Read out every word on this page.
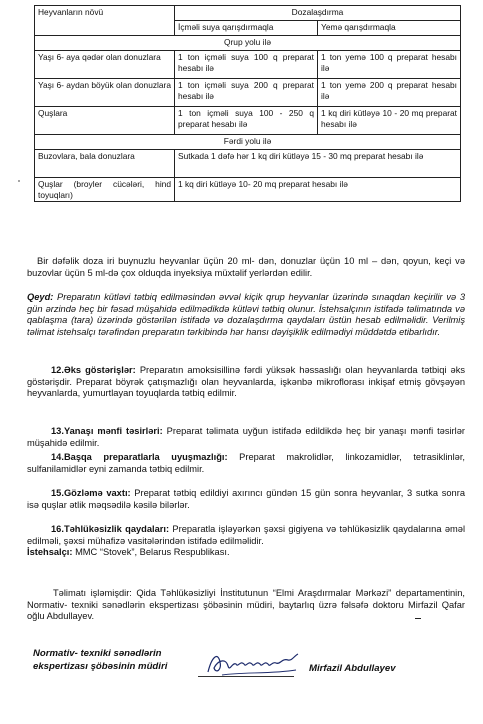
Heyvanların növü	Dozalaşdırma	
	İçməli suya qarışdırmaqla	Yemə qarışdırmaqla
Qrup yolu ilə		
Yaşı 6- aya qədər olan donuzlara	1 ton içməli suya 100 q preparat hesabı ilə	1 ton yemə 100 q preparat hesabı ilə
Yaşı 6- aydan böyük olan donuzlara	1 ton içməli suya 200 q preparat hesabı ilə	1 ton yemə 200 q preparat hesabı ilə
Quşlara	1 ton içməli suya 100 - 250 q preparat hesabı ilə	1 kq diri kütləyə 10 - 20 mq preparat hesabı ilə
Fərdi yolu ilə		
Buzovlara, bala donuzlara	Sutkada 1 dəfə hər 1 kq diri kütləyə 15 - 30 mq preparat hesabı ilə	
Quşlar (broyler cücələri, hind toyuqları)	1 kq diri kütləyə 10- 20 mq preparat hesabı ilə	

Bir dəfəlik doza iri buynuzlu heyvanlar üçün 20 ml- dən, donuzlar üçün 10 ml – dən, qoyun, keçi və buzovlar üçün 5 ml-də çox olduqda inyeksiya müxtəlif yerlərdən edilir.

Qeyd: Preparatın kütləvi tətbiq edilməsindən əvvəl kiçik qrup heyvanlar üzərində sınaqdan keçirilir və 3 gün ərzində heç bir fəsad müşahidə edilmədikdə kütləvi tətbiq olunur. İstehsalçının istifadə təlimatında və qablaşma (tara) üzərində göstərilən istifadə və dozalaşdırma qaydaları üstün hesab edilməlidir. Verilmiş təlimat istehsalçı tərəfindən preparatın tərkibində hər hansı dəyişiklik edilmədiyi müddətdə etibarlıdır.

12.Əks göstərişlər: Preparatın amoksisillinə fərdi yüksək həssaslığı olan heyvanlarda tətbiqi əks göstərişdir. Preparat böyrək çatışmazlığı olan heyvanlarda, işkənbə mikroflorası inkişaf etmiş gövşəyən heyvanlarda, yumurtlayan toyuqlarda tətbiq edilmir.
13.Yanaşı mənfi təsirləri: Preparat təlimata uyğun istifadə edildikdə heç bir yanaşı mənfi təsirlər müşahidə edilmir.
14.Başqa preparatlarla uyuşmazlığı: Preparat makrolidlər, linkozamidlər, tetrasiklinlər, sulfanilamidlər eyni zamanda tətbiq edilmir.
15.Gözləmə vaxtı: Preparat tətbiq edildiyi axırıncı gündən 15 gün sonra heyvanlar, 3 sutka sonra isə quşlar ətlik məqsədilə kəsilə bilərlər.
16.Təhlükəsizlik qaydaları: Preparatla işləyərkən şəxsi gigiyena və təhlükəsizlik qaydalarına əməl edilməli, şəxsi mühafizə vasitələrindən istifadə edilməlidir.
İstehsalçı: MMC “Stovek”, Belarus Respublikası.

Təlimatı işləmişdir: Qida Təhlükəsizliyi İnstitutunun “Elmi Araşdırmalar Mərkəzi” departamentinin, Normativ- texniki sənədlərin ekspertizası şöbəsinin müdiri, baytarlıq üzrə fəlsəfə doktoru Mirfazil Qafar oğlu Abdullayev.

Normativ- texniki sənədlərin
ekspertizası şöbəsinin müdiri	Mirfazil Abdullayev
